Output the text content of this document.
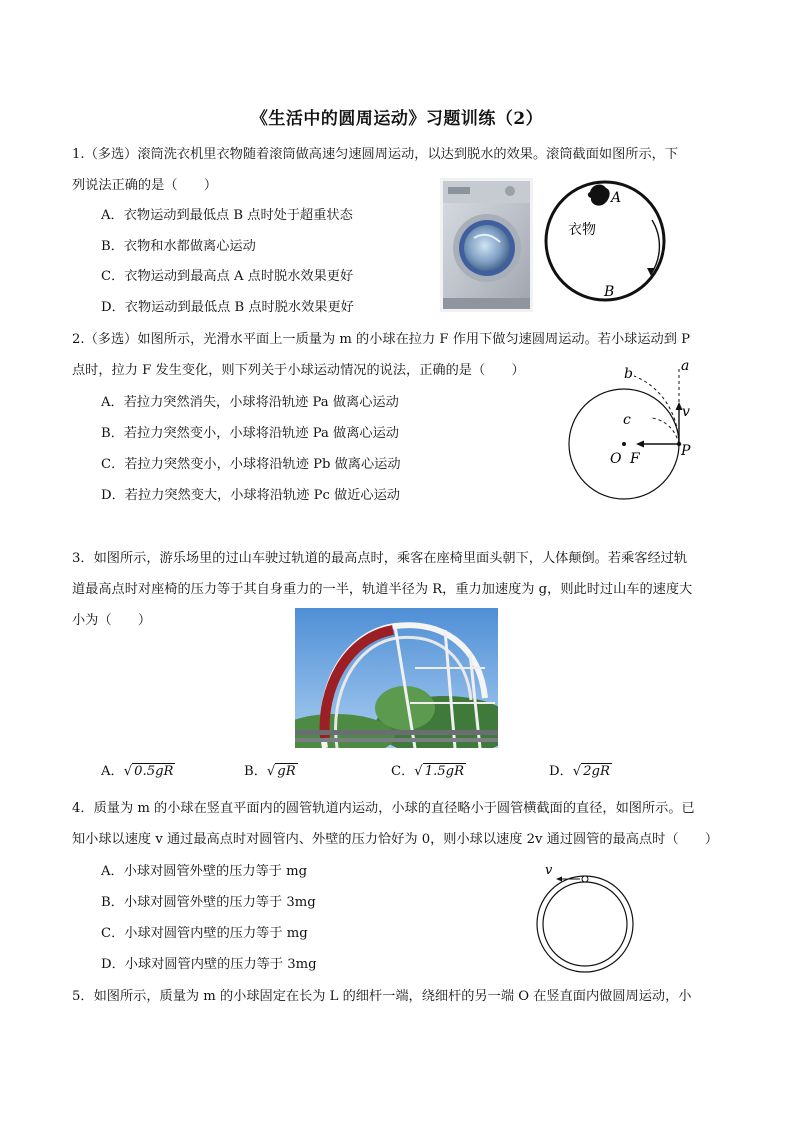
《生活中的圆周运动》习题训练（2）
1.（多选）滚筒洗衣机里衣物随着滚筒做高速匀速圆周运动，以达到脱水的效果。滚筒截面如图所示，下
列说法正确的是（　　）
A．衣物运动到最低点 B 点时处于超重状态
B．衣物和水都做离心运动
C．衣物运动到最高点 A 点时脱水效果更好
D．衣物运动到最低点 B 点时脱水效果更好
A
B
衣物
2.（多选）如图所示，光滑水平面上一质量为 m 的小球在拉力 F 作用下做匀速圆周运动。若小球运动到 P
点时，拉力 F 发生变化，则下列关于小球运动情况的说法，正确的是（　　）
A．若拉力突然消失，小球将沿轨迹 Pa 做离心运动
B．若拉力突然变小，小球将沿轨迹 Pa 做离心运动
C．若拉力突然变小，小球将沿轨迹 Pb 做离心运动
D．若拉力突然变大，小球将沿轨迹 Pc 做近心运动
a
b
c	v
O F	P
3．如图所示，游乐场里的过山车驶过轨道的最高点时，乘客在座椅里面头朝下，人体颠倒。若乘客经过轨
道最高点时对座椅的压力等于其自身重力的一半，轨道半径为 R，重力加速度为 g，则此时过山车的速度大
小为（　　）
A．√ 0.5gR	B．√ gR	C．√ 1.5gR	D．√ 2gR
4．质量为 m 的小球在竖直平面内的圆管轨道内运动，小球的直径略小于圆管横截面的直径，如图所示。已
知小球以速度 v 通过最高点时对圆管内、外壁的压力恰好为 0，则小球以速度 2v 通过圆管的最高点时（　　）
A．小球对圆管外壁的压力等于 mg
B．小球对圆管外壁的压力等于 3mg
C．小球对圆管内壁的压力等于 mg
D．小球对圆管内壁的压力等于 3mg
v
5．如图所示，质量为 m 的小球固定在长为 L 的细杆一端，绕细杆的另一端 O 在竖直面内做圆周运动，小
